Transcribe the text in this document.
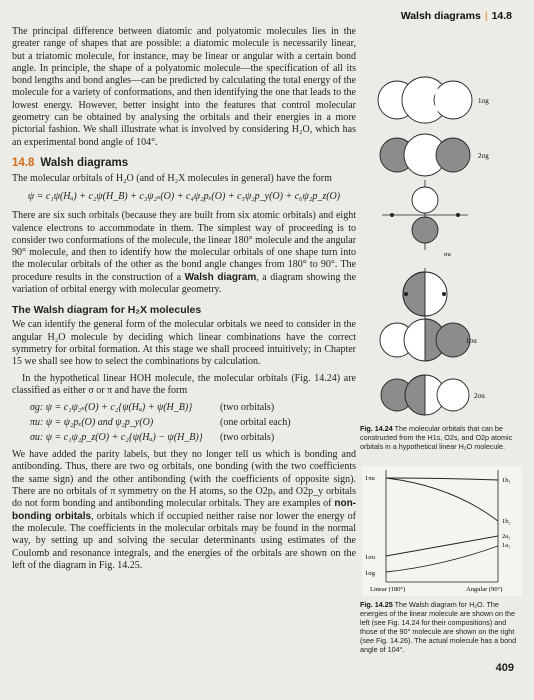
Walsh diagrams | 14.8

The principal difference between diatomic and polyatomic molecules lies in the greater range of shapes that are possible: a diatomic molecule is necessarily linear, but a triatomic molecule, for instance, may be linear or angular with a certain bond angle. In principle, the shape of a polyatomic molecule—the specification of all its bond lengths and bond angles—can be predicted by calculating the total energy of the molecule for a variety of conformations, and then identifying the one that leads to the lowest energy. However, better insight into the features that control molecular geometry can be obtained by analysing the orbitals and their energies in a more pictorial fashion. We shall illustrate what is involved by considering H₂O, which has an experimental bond angle of 104°.

14.8 Walsh diagrams

The molecular orbitals of H₂O (and of H₂X molecules in general) have the form

ψ = c₁ψ(Hₐ) + c₂ψ(H_B) + c₃ψ₂ₛ(O) + c₄ψ₂pₓ(O) + c₅ψ₂p_y(O) + c₆ψ₂p_z(O)

There are six such orbitals (because they are built from six atomic orbitals) and eight valence electrons to accommodate in them. The simplest way of proceeding is to consider two conformations of the molecule, the linear 180° molecule and the angular 90° molecule, and then to identify how the molecular orbitals of one shape turn into the molecular orbitals of the other as the bond angle changes from 180° to 90°. The procedure results in the construction of a Walsh diagram, a diagram showing the variation of orbital energy with molecular geometry.

The Walsh diagram for H₂X molecules

We can identify the general form of the molecular orbitals we need to consider in the angular H₂O molecule by deciding which linear combinations have the correct symmetry for orbital formation. At this stage we shall proceed intuitively; in Chapter 15 we shall see how to select the combinations by calculation.

In the hypothetical linear HOH molecule, the molecular orbitals (Fig. 14.24) are classified as either σ or π and have the form

σg: ψ = c₁ψ₂ₛ(O) + c₂{ψ(Hₐ) + ψ(H_B)}	(two orbitals)
πu: ψ = ψ₂pₓ(O) and ψ₂p_y(O)	(one orbital each)
σu: ψ = c₁ψ₂p_z(O) + c₂{ψ(Hₐ) − ψ(H_B)}	(two orbitals)

We have added the parity labels, but they no longer tell us which is bonding and antibonding. Thus, there are two σg orbitals, one bonding (with the two coefficients the same sign) and the other antibonding (with the coefficients of opposite sign). There are no orbitals of π symmetry on the H atoms, so the O2pₓ and O2p_y orbitals do not form bonding and antibonding molecular orbitals. They are examples of non-bonding orbitals, orbitals which if occupied neither raise nor lower the energy of the molecule. The coefficients in the molecular orbitals may be found in the normal way, by setting up and solving the secular determinants using estimates of the Coulomb and resonance integrals, and the energies of the orbitals are shown on the left of the diagram in Fig. 14.25.

1σg
2σg
σu
1σu
2σu
Fig. 14.24 The molecular orbitals that can be constructed from the H1s, O2s, and O2p atomic orbitals in a hypothetical linear H₂O molecule.
1πu
1σu
1σg
1b₁
1b₂
2a₁
1a₁
Linear (180°)	Angular (90°)
Fig. 14.25 The Walsh diagram for H₂O. The energies of the linear molecule are shown on the left (see Fig. 14.24 for their compositions) and those of the 90° molecule are shown on the right (see Fig. 14.26). The actual molecule has a bond angle of 104°.
409
